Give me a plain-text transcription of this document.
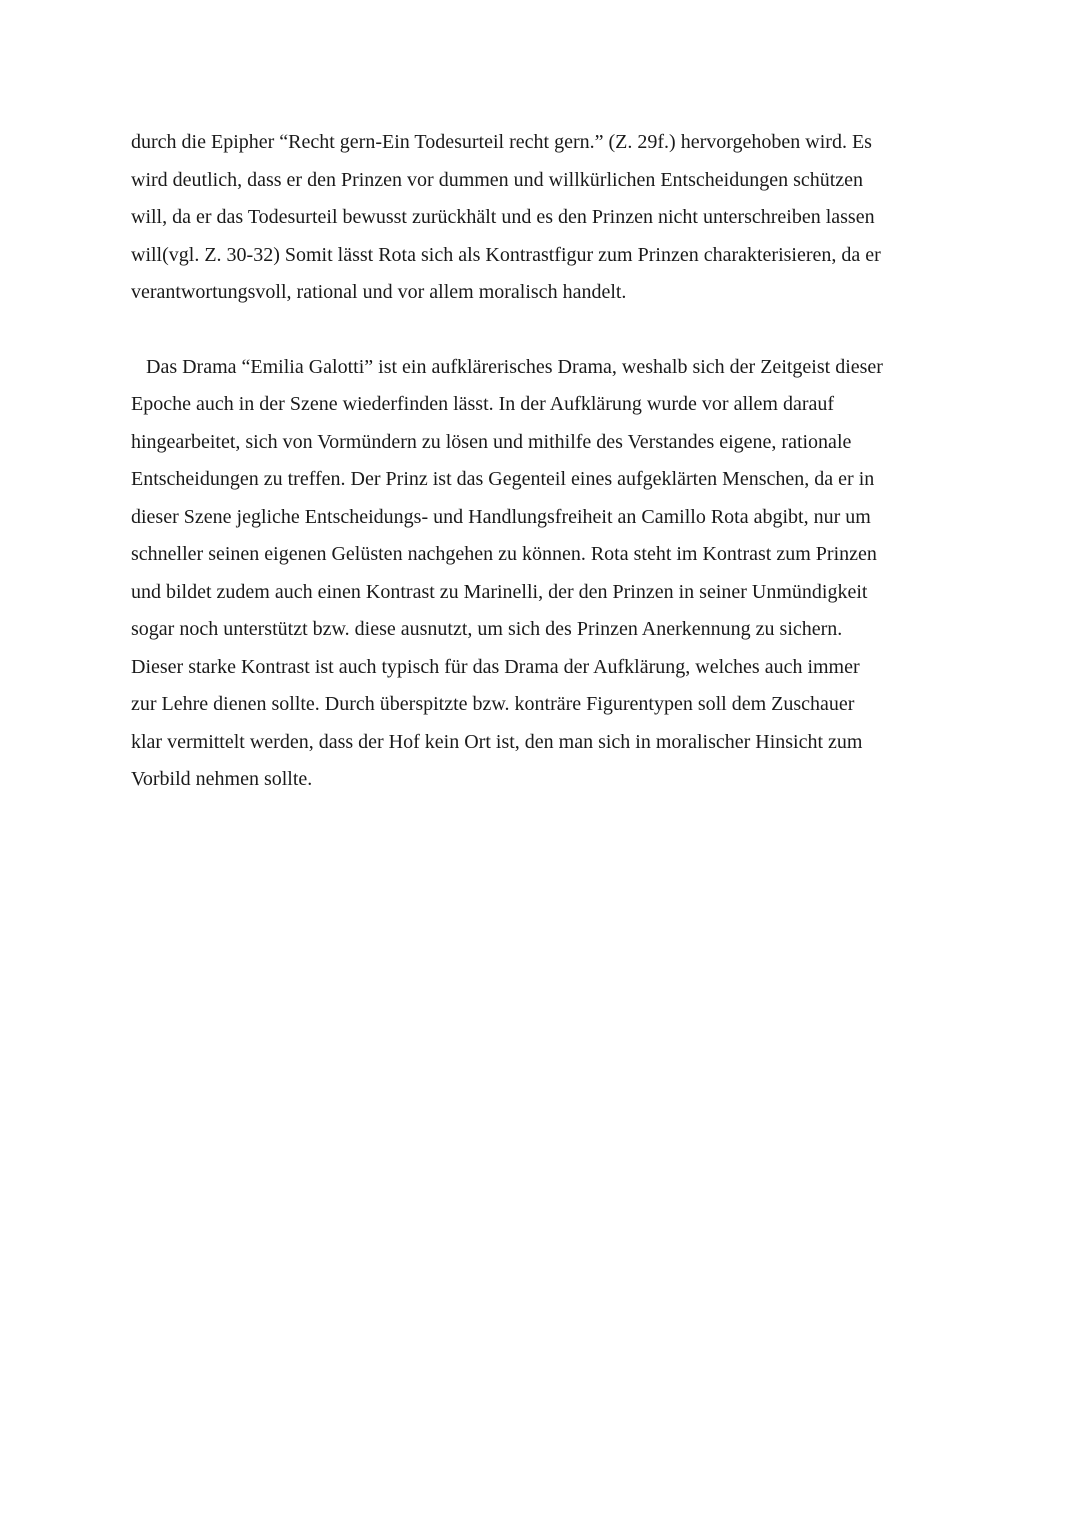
durch die Epipher “Recht gern-Ein Todesurteil recht gern.” (Z. 29f.) hervorgehoben wird. Es
wird deutlich, dass er den Prinzen vor dummen und willkürlichen Entscheidungen schützen
will, da er das Todesurteil bewusst zurückhält und es den Prinzen nicht unterschreiben lassen
will(vgl. Z. 30-32) Somit lässt Rota sich als Kontrastfigur zum Prinzen charakterisieren, da er
verantwortungsvoll, rational und vor allem moralisch handelt.
Das Drama “Emilia Galotti” ist ein aufklärerisches Drama, weshalb sich der Zeitgeist dieser
Epoche auch in der Szene wiederfinden lässt. In der Aufklärung wurde vor allem darauf
hingearbeitet, sich von Vormündern zu lösen und mithilfe des Verstandes eigene, rationale
Entscheidungen zu treffen. Der Prinz ist das Gegenteil eines aufgeklärten Menschen, da er in
dieser Szene jegliche Entscheidungs- und Handlungsfreiheit an Camillo Rota abgibt, nur um
schneller seinen eigenen Gelüsten nachgehen zu können. Rota steht im Kontrast zum Prinzen
und bildet zudem auch einen Kontrast zu Marinelli, der den Prinzen in seiner Unmündigkeit
sogar noch unterstützt bzw. diese ausnutzt, um sich des Prinzen Anerkennung zu sichern.
Dieser starke Kontrast ist auch typisch für das Drama der Aufklärung, welches auch immer
zur Lehre dienen sollte. Durch überspitzte bzw. konträre Figurentypen soll dem Zuschauer
klar vermittelt werden, dass der Hof kein Ort ist, den man sich in moralischer Hinsicht zum
Vorbild nehmen sollte.
